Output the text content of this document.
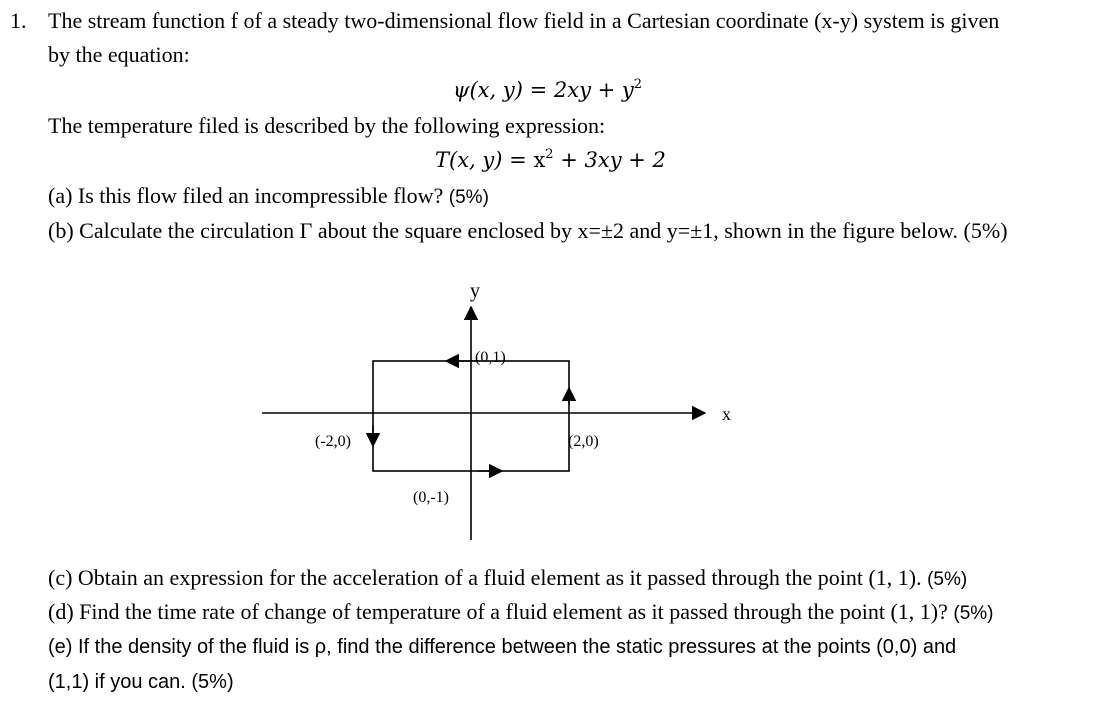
1. The stream function f of a steady two-dimensional flow field in a Cartesian coordinate (x-y) system is given
by the equation:
ψ(x, $y) = 2xy + y^2$
The temperature filed is described by the following expression:
T(x, $y) = x^2 + 3xy + 2$
(a) Is this flow filed an incompressible flow? (5%)
(b) Calculate the circulation Γ about the square enclosed by x=±2 and y=±1, shown in the figure below. (5%)
y
x
(0,1)
(-2,0)	(2,0)
(0,-1)
(c) Obtain an expression for the acceleration of a fluid element as it passed through the point (1, 1). (5%)
(d) Find the time rate of change of temperature of a fluid element as it passed through the point (1, 1)? (5%)
(e) If the density of the fluid is ρ, find the difference between the static pressures at the points (0,0) and
(1,1) if you can. (5%)
